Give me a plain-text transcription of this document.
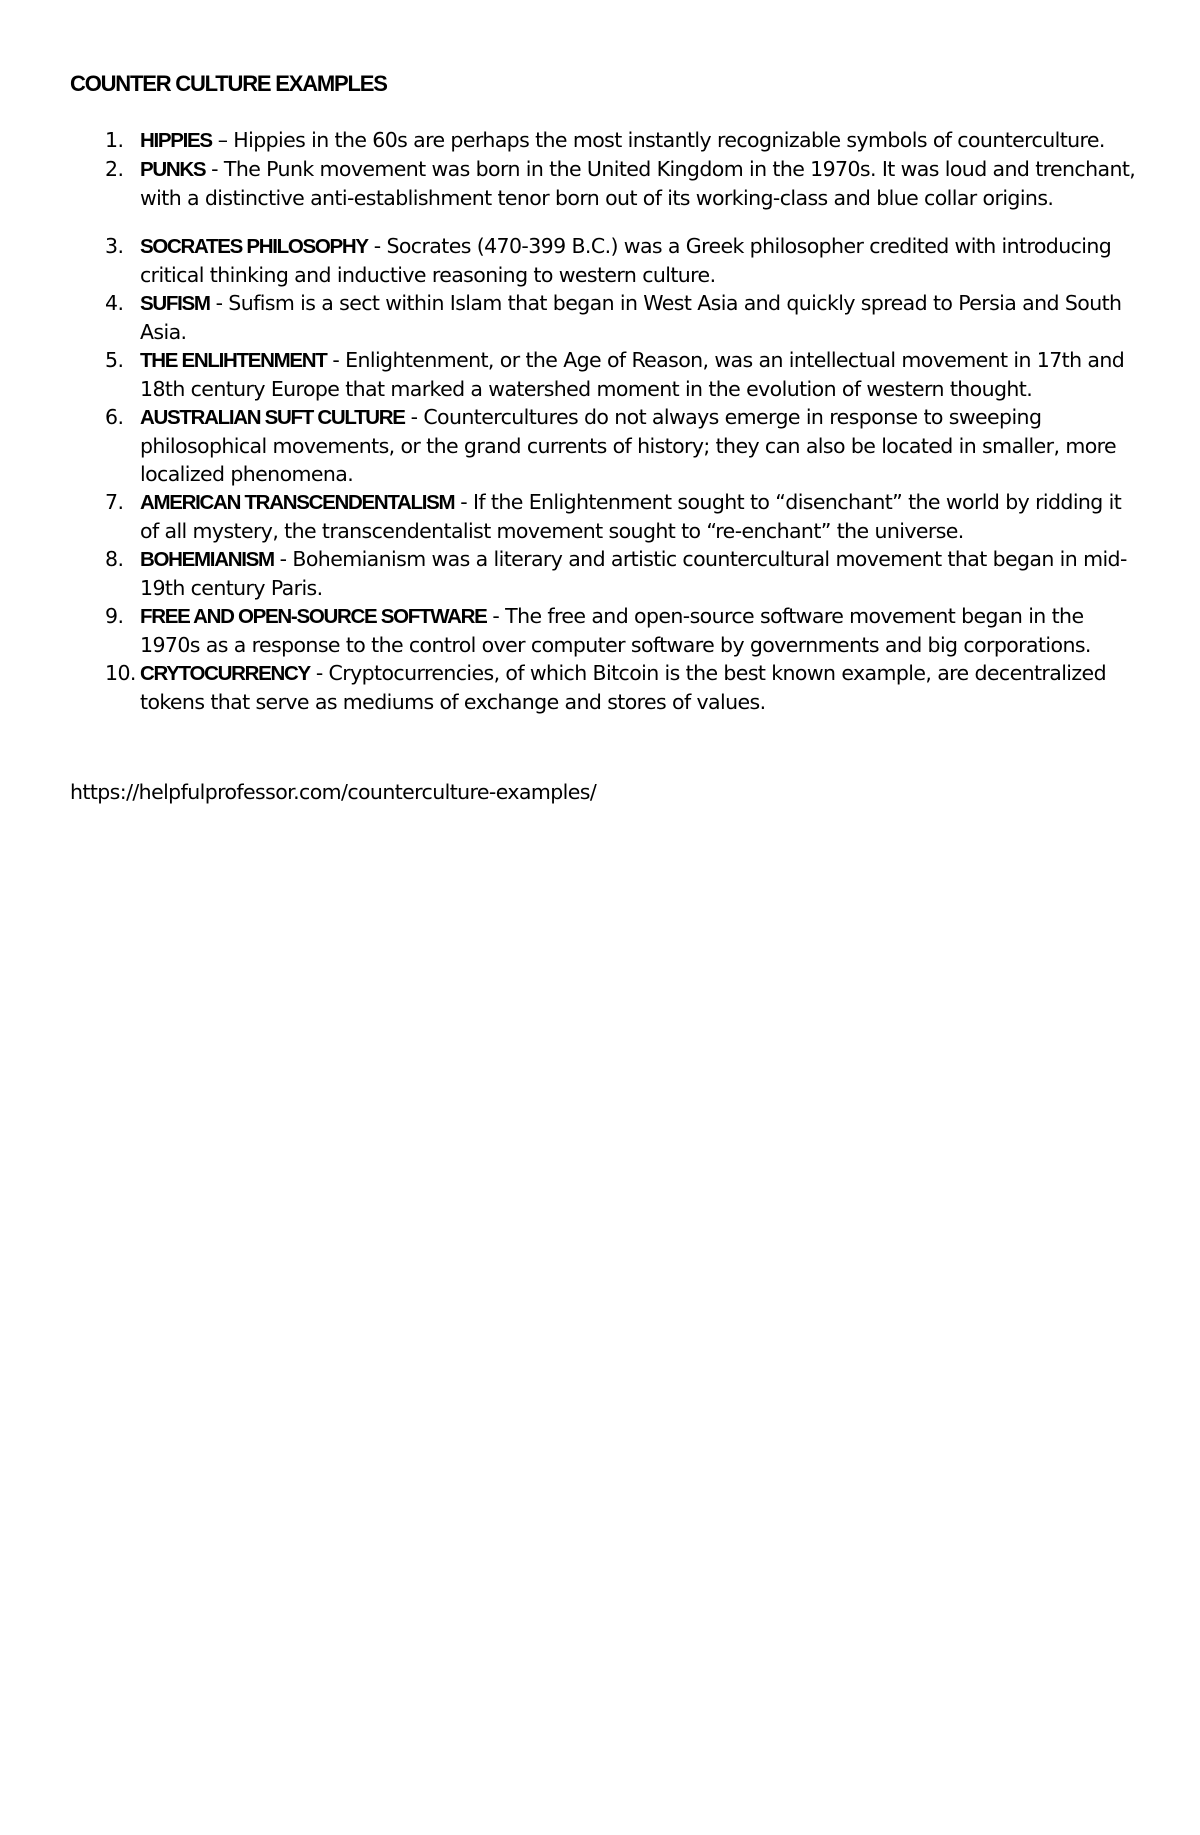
COUNTER CULTURE EXAMPLES
1. HIPPIES – Hippies in the 60s are perhaps the most instantly recognizable symbols of counterculture.
2. PUNKS - The Punk movement was born in the United Kingdom in the 1970s. It was loud and trenchant, with a distinctive anti-establishment tenor born out of its working-class and blue collar origins.
3. SOCRATES PHILOSOPHY - Socrates (470-399 B.C.) was a Greek philosopher credited with introducing critical thinking and inductive reasoning to western culture.
4. SUFISM - Sufism is a sect within Islam that began in West Asia and quickly spread to Persia and South Asia.
5. THE ENLIHTENMENT - Enlightenment, or the Age of Reason, was an intellectual movement in 17th and 18th century Europe that marked a watershed moment in the evolution of western thought.
6. AUSTRALIAN SUFT CULTURE - Countercultures do not always emerge in response to sweeping philosophical movements, or the grand currents of history; they can also be located in smaller, more localized phenomena.
7. AMERICAN TRANSCENDENTALISM - If the Enlightenment sought to “disenchant” the world by ridding it of all mystery, the transcendentalist movement sought to “re-enchant” the universe.
8. BOHEMIANISM - Bohemianism was a literary and artistic countercultural movement that began in mid-19th century Paris.
9. FREE AND OPEN-SOURCE SOFTWARE - The free and open-source software movement began in the 1970s as a response to the control over computer software by governments and big corporations.
10. CRYTOCURRENCY - Cryptocurrencies, of which Bitcoin is the best known example, are decentralized tokens that serve as mediums of exchange and stores of values.
https://helpfulprofessor.com/counterculture-examples/
